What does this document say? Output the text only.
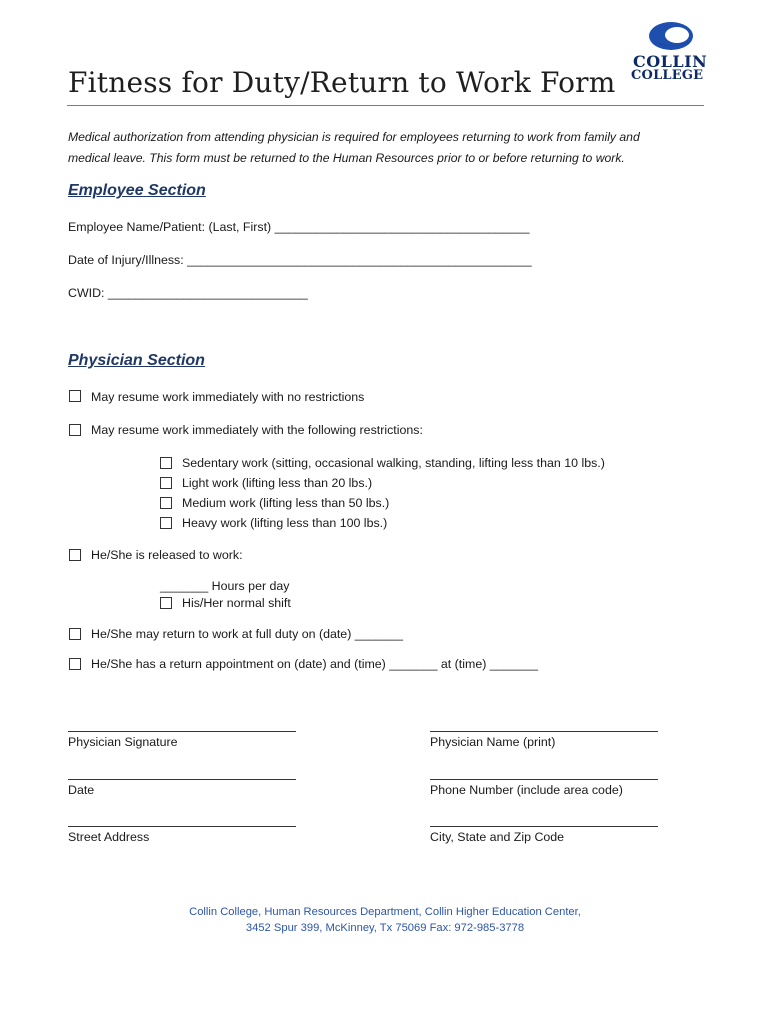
Fitness for Duty/Return to Work Form
COLLIN
COLLEGE
Medical authorization from attending physician is required for employees returning to work from family and
medical leave. This form must be returned to the Human Resources prior to or before returning to work.
Employee Section
Employee Name/Patient: (Last, First) _____________________________________
Date of Injury/Illness: __________________________________________________
CWID: _____________________________
Physician Section
May resume work immediately with no restrictions
May resume work immediately with the following restrictions:
Sedentary work (sitting, occasional walking, standing, lifting less than 10 lbs.)
Light work (lifting less than 20 lbs.)
Medium work (lifting less than 50 lbs.)
Heavy work (lifting less than 100 lbs.)
He/She is released to work:
_______ Hours per day
His/Her normal shift
He/She may return to work at full duty on (date) _______
He/She has a return appointment on (date) and (time) _______ at (time) _______
Physician Signature	Physician Name (print)
Date	Phone Number (include area code)
Street Address	City, State and Zip Code
Collin College, Human Resources Department, Collin Higher Education Center,
3452 Spur 399, McKinney, Tx 75069 Fax: 972-985-3778
